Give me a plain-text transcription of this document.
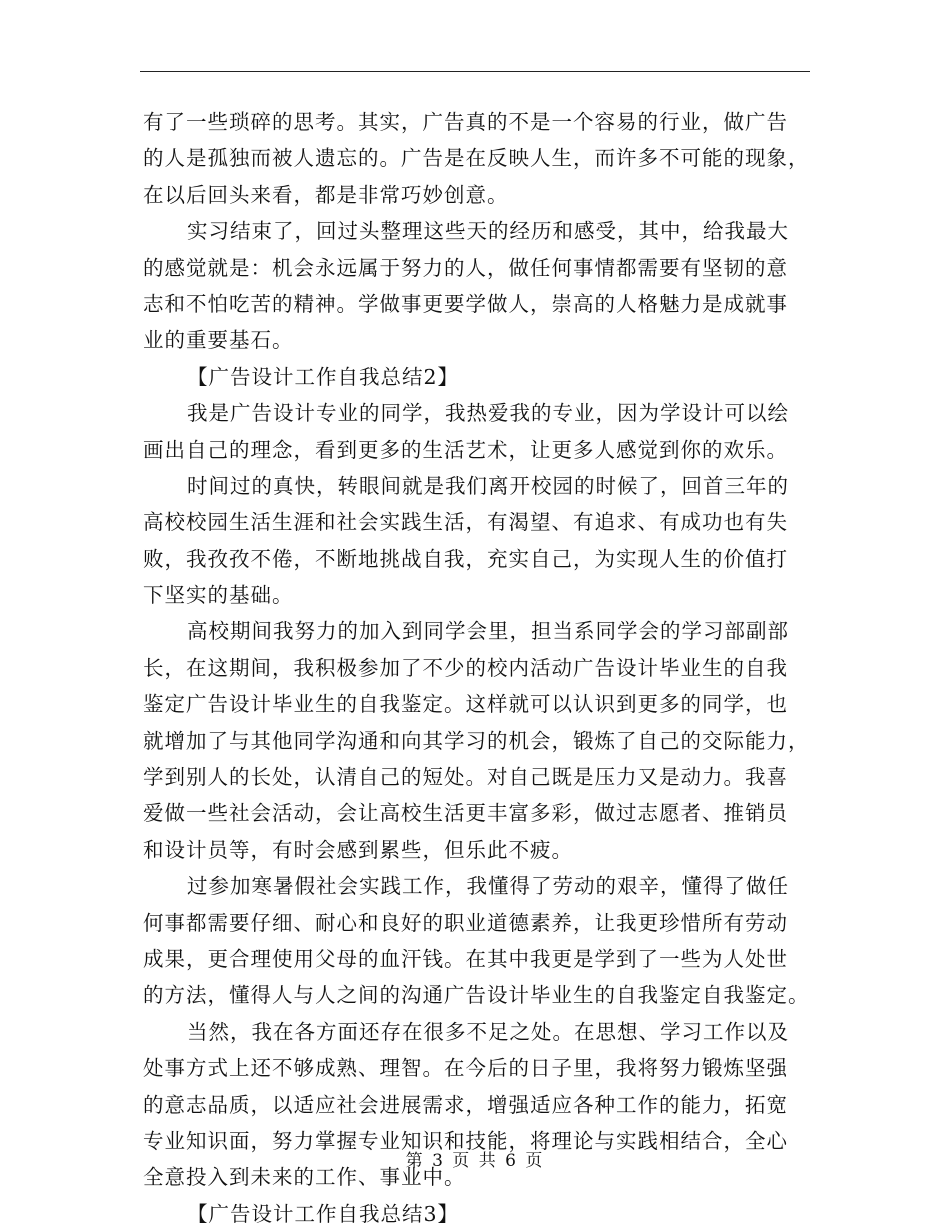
有了一些琐碎的思考。其实，广告真的不是一个容易的行业，做广告
的人是孤独而被人遗忘的。广告是在反映人生，而许多不可能的现象，
在以后回头来看，都是非常巧妙创意。
实习结束了，回过头整理这些天的经历和感受，其中，给我最大
的感觉就是：机会永远属于努力的人，做任何事情都需要有坚韧的意
志和不怕吃苦的精神。学做事更要学做人，崇高的人格魅力是成就事
业的重要基石。
【广告设计工作自我总结2】
我是广告设计专业的同学，我热爱我的专业，因为学设计可以绘
画出自己的理念，看到更多的生活艺术，让更多人感觉到你的欢乐。
时间过的真快，转眼间就是我们离开校园的时候了，回首三年的
高校校园生活生涯和社会实践生活，有渴望、有追求、有成功也有失
败，我孜孜不倦，不断地挑战自我，充实自己，为实现人生的价值打
下坚实的基础。
高校期间我努力的加入到同学会里，担当系同学会的学习部副部
长，在这期间，我积极参加了不少的校内活动广告设计毕业生的自我
鉴定广告设计毕业生的自我鉴定。这样就可以认识到更多的同学，也
就增加了与其他同学沟通和向其学习的机会，锻炼了自己的交际能力，
学到别人的长处，认清自己的短处。对自己既是压力又是动力。我喜
爱做一些社会活动，会让高校生活更丰富多彩，做过志愿者、推销员
和设计员等，有时会感到累些，但乐此不疲。
过参加寒暑假社会实践工作，我懂得了劳动的艰辛，懂得了做任
何事都需要仔细、耐心和良好的职业道德素养，让我更珍惜所有劳动
成果，更合理使用父母的血汗钱。在其中我更是学到了一些为人处世
的方法，懂得人与人之间的沟通广告设计毕业生的自我鉴定自我鉴定。
当然，我在各方面还存在很多不足之处。在思想、学习工作以及
处事方式上还不够成熟、理智。在今后的日子里，我将努力锻炼坚强
的意志品质，以适应社会进展需求，增强适应各种工作的能力，拓宽
专业知识面，努力掌握专业知识和技能，将理论与实践相结合，全心
全意投入到未来的工作、事业中。
【广告设计工作自我总结3】
第 3 页 共 6 页
